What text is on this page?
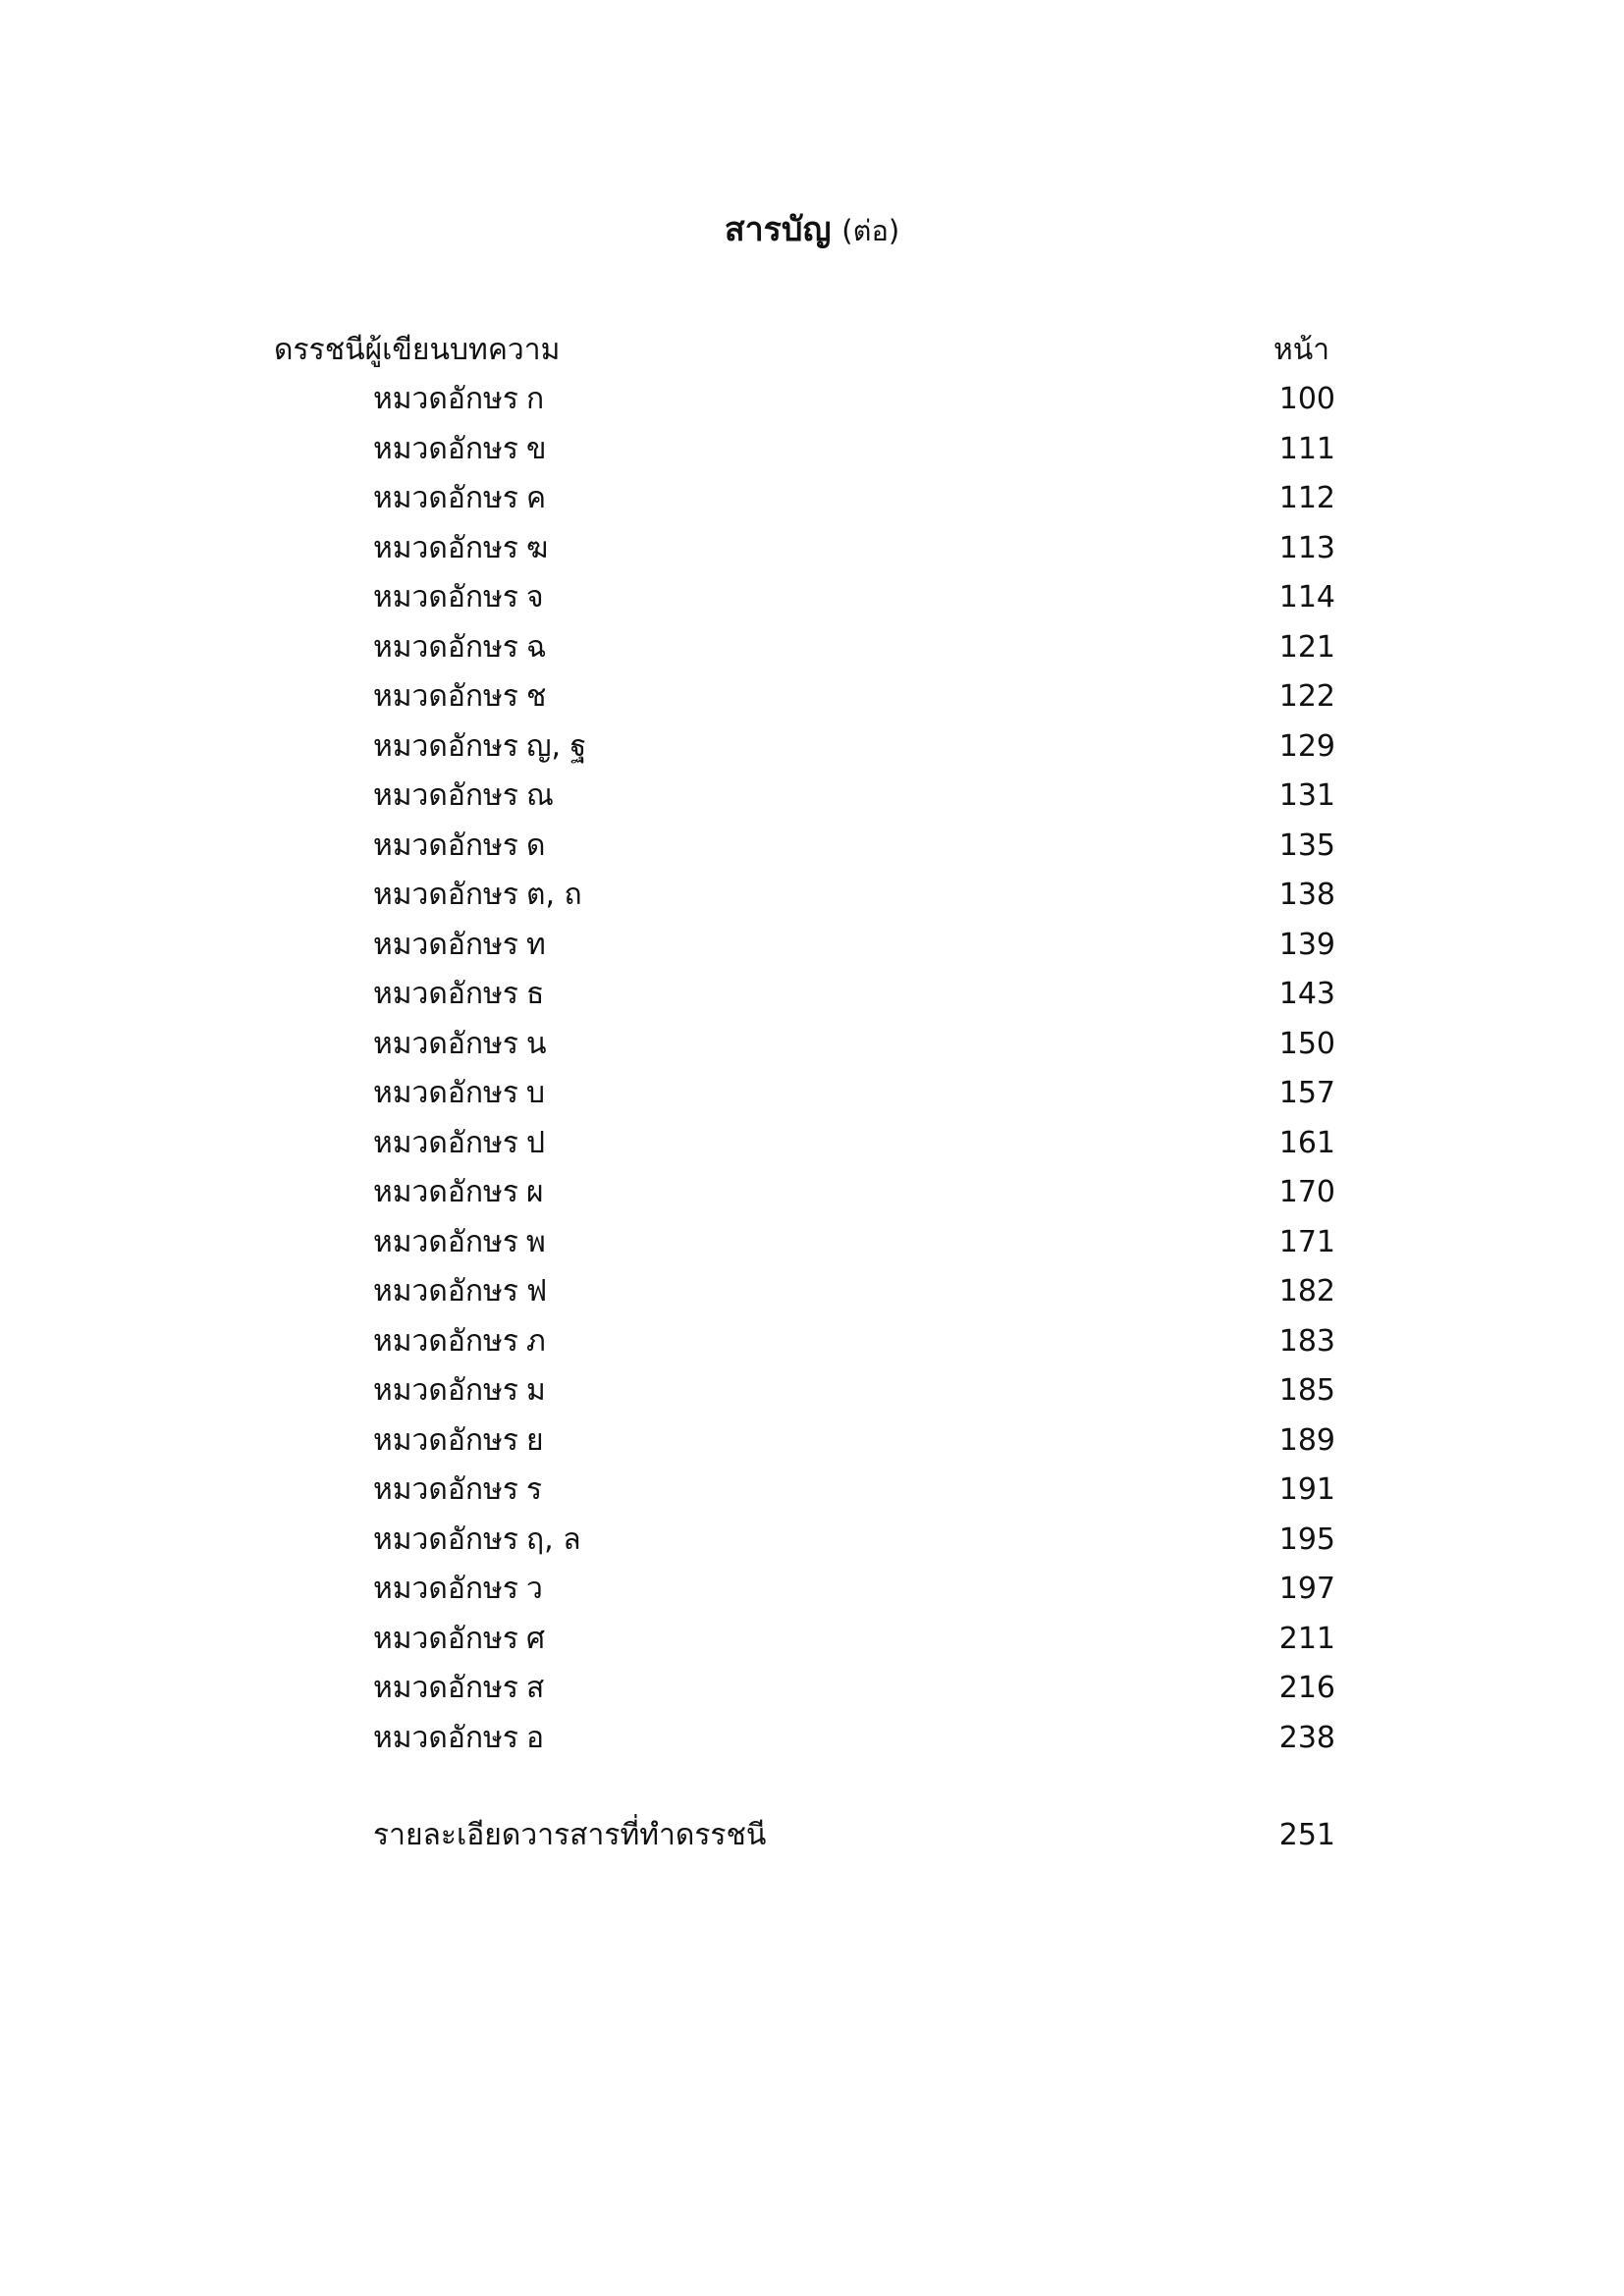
สารบัญ (ต่อ)
ดรรชนีผู้เขียนบทความ	หน้า
หมวดอักษร ก	100
หมวดอักษร ข	111
หมวดอักษร ค	112
หมวดอักษร ฆ	113
หมวดอักษร จ	114
หมวดอักษร ฉ	121
หมวดอักษร ช	122
หมวดอักษร ญ, ฐ	129
หมวดอักษร ณ	131
หมวดอักษร ด	135
หมวดอักษร ต, ถ	138
หมวดอักษร ท	139
หมวดอักษร ธ	143
หมวดอักษร น	150
หมวดอักษร บ	157
หมวดอักษร ป	161
หมวดอักษร ผ	170
หมวดอักษร พ	171
หมวดอักษร ฟ	182
หมวดอักษร ภ	183
หมวดอักษร ม	185
หมวดอักษร ย	189
หมวดอักษร ร	191
หมวดอักษร ฤ, ล	195
หมวดอักษร ว	197
หมวดอักษร ศ	211
หมวดอักษร ส	216
หมวดอักษร อ	238
รายละเอียดวารสารที่ทำดรรชนี	251
